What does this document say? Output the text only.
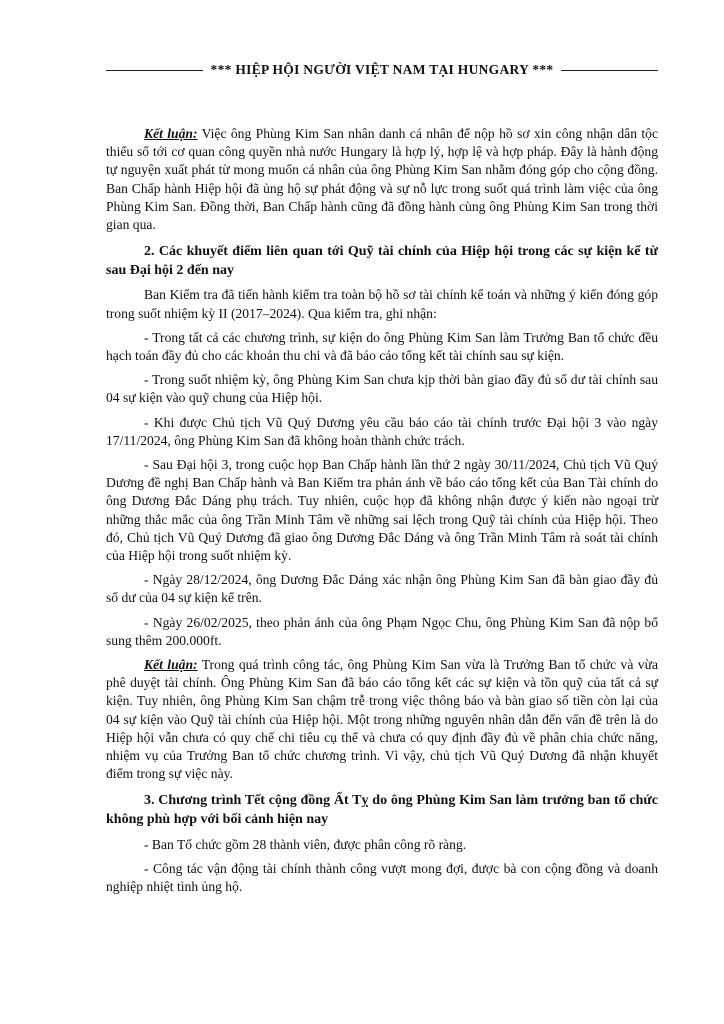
*** HIỆP HỘI NGƯỜI VIỆT NAM TẠI HUNGARY ***

Kết luận: Việc ông Phùng Kim San nhân danh cá nhân để nộp hồ sơ xin công nhận dân tộc thiểu số tới cơ quan công quyền nhà nước Hungary là hợp lý, hợp lệ và hợp pháp. Đây là hành động tự nguyện xuất phát từ mong muốn cá nhân của ông Phùng Kim San nhằm đóng góp cho cộng đồng. Ban Chấp hành Hiệp hội đã ủng hộ sự phát động và sự nỗ lực trong suốt quá trình làm việc của ông Phùng Kim San. Đồng thời, Ban Chấp hành cũng đã đồng hành cùng ông Phùng Kim San trong thời gian qua.

2. Các khuyết điểm liên quan tới Quỹ tài chính của Hiệp hội trong các sự kiện kể từ sau Đại hội 2 đến nay

Ban Kiểm tra đã tiến hành kiểm tra toàn bộ hồ sơ tài chính kế toán và những ý kiến đóng góp trong suốt nhiệm kỳ II (2017–2024). Qua kiểm tra, ghi nhận:

- Trong tất cả các chương trình, sự kiện do ông Phùng Kim San làm Trưởng Ban tổ chức đều hạch toán đầy đủ cho các khoản thu chi và đã báo cáo tổng kết tài chính sau sự kiện.

- Trong suốt nhiệm kỳ, ông Phùng Kim San chưa kịp thời bàn giao đầy đủ số dư tài chính sau 04 sự kiện vào quỹ chung của Hiệp hội.

- Khi được Chủ tịch Vũ Quý Dương yêu cầu báo cáo tài chính trước Đại hội 3 vào ngày 17/11/2024, ông Phùng Kim San đã không hoàn thành chức trách.

- Sau Đại hội 3, trong cuộc họp Ban Chấp hành lần thứ 2 ngày 30/11/2024, Chủ tịch Vũ Quý Dương đề nghị Ban Chấp hành và Ban Kiểm tra phản ánh về báo cáo tổng kết của Ban Tài chính do ông Dương Đắc Dáng phụ trách. Tuy nhiên, cuộc họp đã không nhận được ý kiến nào ngoại trừ những thắc mắc của ông Trần Minh Tâm về những sai lệch trong Quỹ tài chính của Hiệp hội. Theo đó, Chủ tịch Vũ Quý Dương đã giao ông Dương Đắc Dáng và ông Trần Minh Tâm rà soát tài chính của Hiệp hội trong suốt nhiệm kỳ.

- Ngày 28/12/2024, ông Dương Đắc Dáng xác nhận ông Phùng Kim San đã bàn giao đầy đủ số dư của 04 sự kiện kể trên.

- Ngày 26/02/2025, theo phản ánh của ông Phạm Ngọc Chu, ông Phùng Kim San đã nộp bổ sung thêm 200.000ft.

Kết luận: Trong quá trình công tác, ông Phùng Kim San vừa là Trưởng Ban tổ chức và vừa phê duyệt tài chính. Ông Phùng Kim San đã báo cáo tổng kết các sự kiện và tồn quỹ của tất cả sự kiện. Tuy nhiên, ông Phùng Kim San chậm trễ trong việc thông báo và bàn giao số tiền còn lại của 04 sự kiện vào Quỹ tài chính của Hiệp hội. Một trong những nguyên nhân dẫn đến vấn đề trên là do Hiệp hội vẫn chưa có quy chế chi tiêu cụ thể và chưa có quy định đầy đủ về phân chia chức năng, nhiệm vụ của Trưởng Ban tổ chức chương trình. Vì vậy, chủ tịch Vũ Quý Dương đã nhận khuyết điểm trong sự việc này.

3. Chương trình Tết cộng đồng Ất Tỵ do ông Phùng Kim San làm trưởng ban tổ chức không phù hợp với bối cảnh hiện nay

- Ban Tổ chức gồm 28 thành viên, được phân công rõ ràng.

- Công tác vận động tài chính thành công vượt mong đợi, được bà con cộng đồng và doanh nghiệp nhiệt tình ủng hộ.
